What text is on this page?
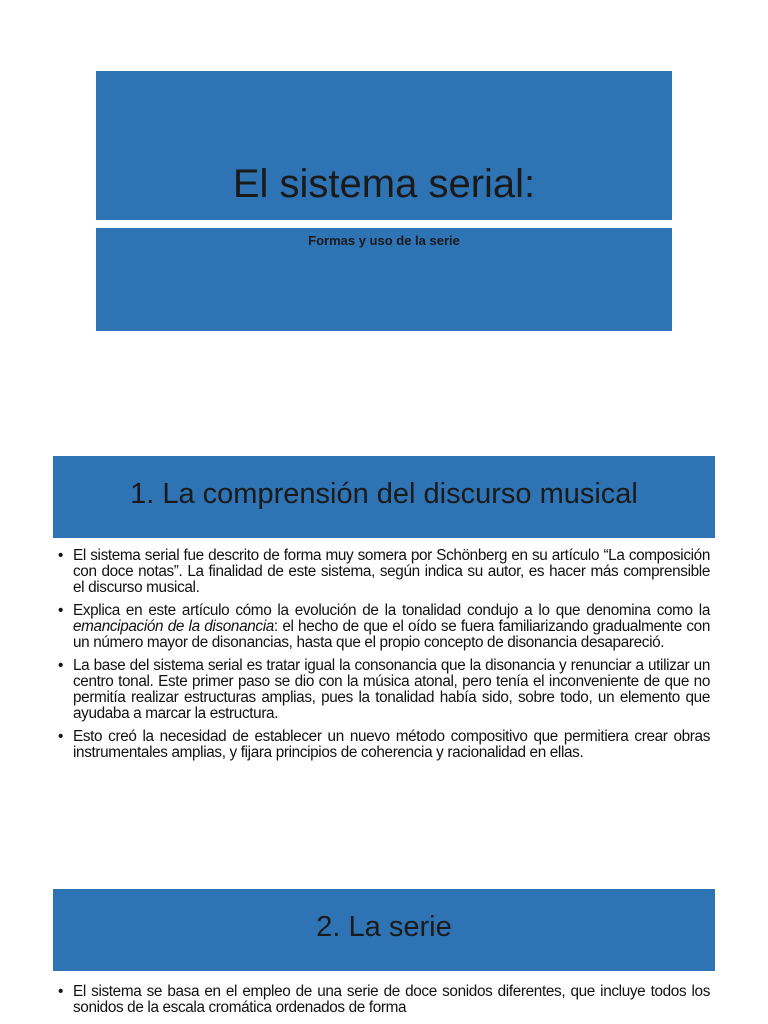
El sistema serial:
Formas y uso de la serie
1. La comprensión del discurso musical
• El sistema serial fue descrito de forma muy somera por Schönberg en su artículo “La composición con doce notas”. La finalidad de este sistema, según indica su autor, es hacer más comprensible el discurso musical.
• Explica en este artículo cómo la evolución de la tonalidad condujo a lo que denomina como la emancipación de la disonancia: el hecho de que el oído se fuera familiarizando gradualmente con un número mayor de disonancias, hasta que el propio concepto de disonancia desapareció.
• La base del sistema serial es tratar igual la consonancia que la disonancia y renunciar a utilizar un centro tonal. Este primer paso se dio con la música atonal, pero tenía el inconveniente de que no permitía realizar estructuras amplias, pues la tonalidad había sido, sobre todo, un elemento que ayudaba a marcar la estructura.
• Esto creó la necesidad de establecer un nuevo método compositivo que permitiera crear obras instrumentales amplias, y fijara principios de coherencia y racionalidad en ellas.
2. La serie
• El sistema se basa en el empleo de una serie de doce sonidos diferentes, que incluye todos los sonidos de la escala cromática ordenados de forma
